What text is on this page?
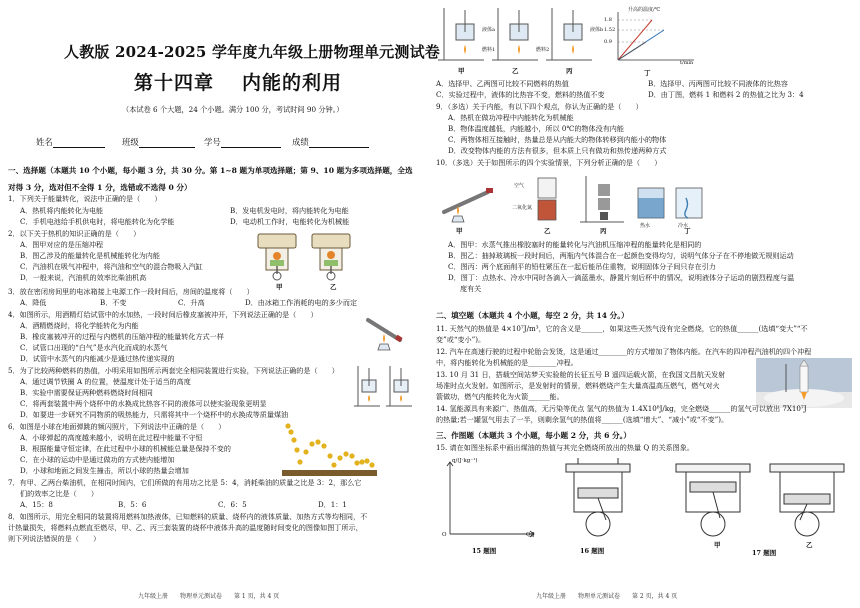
人教版 2024-2025 学年度九年级上册物理单元测试卷
第十四章 内能的利用
（本试卷 6 个大题，24 个小题。满分 100 分，考试时间 90 分钟。）
姓名	班级	学号	成绩
一、选择题（本题共 10 个小题，每小题 3 分，共 30 分。第 1~8 题为单项选择题；第 9、10 题为多项选择题，全选
对得 3 分，选对但不全得 1 分，选错或不选得 0 分）
1．下列关于能量转化，说法中正确的是（　　）
A．热机将内能转化为电能	B．发电机发电时，将内能转化为电能
C．手机电池给手机供电时，将电能转化为化学能	D．电动机工作时，电能转化为机械能
2．以下关于热机的知识正确的是（　　）
A．图甲对应的是压缩冲程
B．图乙涉及的能量转化是机械能转化为内能
C．汽油机在吸气冲程中，将汽油和空气的混合物吸入汽缸
D．一般来说，汽油机的效率比柴油机高
甲	乙
3．放在密闭房间里的电冰箱接上电源工作一段时间后，房间的温度将（　　）
A．降低	B．不变	C．升高	D．由冰箱工作消耗的电的多少而定
4．如图所示，用酒精灯给试管中的水加热，一段时间后橡皮塞被冲开，下列说法正确的是（　　）
A．酒精燃烧时，将化学能转化为内能
B．橡皮塞被冲开的过程与内燃机的压缩冲程的能量转化方式一样
C．试管口出现的“白气”是水汽化而成的水蒸气
D．试管中水蒸气的内能减少是通过热传递实现的
5．为了比较两种燃料的热值，小明采用如图所示两套完全相同装置进行实验，下列说法正确的是（　　）
A．通过调节铁圈 A 的位置，使温度计处于适当的高度
B．实验中需要保证两种燃料燃烧时间相同
C．将两套装置中两个烧杯中的水换成比热容不同的液体可以使实验现象更明显
D．如要进一步研究不同物质的吸热能力，只需将其中一个烧杯中的水换成等质量煤油
6．如图是小球在地面弹跳的频闪照片，下列说法中正确的是（　　）
A．小球弹起的高度越来越小，说明在此过程中能量不守恒
B．根据能量守恒定律，在此过程中小球的机械能总量是保持不变的
C．在小球的运动中是通过做功的方式使内能增加
D．小球和地面之间发生撞击，所以小球的热量会增加
7．有甲、乙两台柴油机，在相同时间内，它们所做的有用功之比是 5：4，消耗柴油的质量之比是 3：2，那么它
们的效率之比是（　　）
A．15：8	B．5：6	C．6：5	D．1：1
8．如图所示，用完全相同的装置将用燃料加热液体，已知燃料的质量、烧杯内的液体质量、加热方式等均相同，不
计热量损失，将燃料点燃直至燃尽，甲、乙、丙三套装置的烧杯中液体升高的温度随时间变化的图像如图丁所示，
则下列说法错误的是（　　）
九年级上册　　物理单元测试卷　　第 1 页，共 4 页
液体a
燃料1	燃料2
液体b
甲	乙	丙
升高的温度/℃
1.8
1.52
0.9
t/min
丁
A．选择甲、乙两图可比较不同燃料的热值	B．选择甲、丙两图可比较不同液体的比热容
C．实验过程中，液体的比热容不变，燃料的热值不变	D．由丁图，燃料 1 和燃料 2 的热值之比为 3：4
9．（多选）关于内能，有以下四个观点，你认为正确的是（　　）
A．热机在做功冲程中内能转化为机械能
B．物体温度越低，内能越小，所以 0℃的物体没有内能
C．两物体相互接触时，热量总是从内能大的物体转移到内能小的物体
D．改变物体内能的方法有很多，但本质上只有做功和热传递两种方式
10．（多选）关于如图所示的四个实验情景，下列分析正确的是（　　）
空气
二氧化氮
热水	冷水
甲	乙	丙	丁
A．图甲：水蒸气推出橡胶塞时的能量转化与汽油机压缩冲程的能量转化是相同的
B．图乙：抽掉玻璃板一段时间后，两瓶内气体混合在一起颜色变得均匀，说明气体分子在不停地做无规则运动
C．图丙：两个底面削平的铅柱紧压在一起后能吊住重物，说明固体分子间只存在引力
D．图丁：点热水、冷水中同时各滴入一滴蓝墨水，静置片刻后杯中的情况，说明液体分子运动的剧烈程度与温
度有关
二、填空题（本题共 4 个小题，每空 2 分，共 14 分。）
11. 天然气的热值是 4×10⁷J/m³，它的含义是______，如果这些天然气没有完全燃烧，它的热值______(选填“变大”“不
变”或“变小”)。
12. 汽车在高速行驶的过程中轮胎会发烫，这是通过________的方式增加了物体内能。在汽车的四冲程汽油机的四个冲程
中，将内能转化为机械能的是________冲程。
13. 10 月 31 日，搭载空间站梦天实验舱的长征五号 B 遥四运载火箭，在我国文昌航天发射
场准时点火发射。如图所示，是发射时的情景，燃料燃烧产生大量高温高压燃气，燃气对火
箭做功，燃气内能转化为火箭______能。
14. 氢能源具有来源广、热值高，无污染等优点 氢气的热值为 1.4X10⁸J/kg，完全燃烧______的氢气可以放出 7X10⁷J
的热量;若一罐氢气用去了一半，则剩余氢气的热值将______(选填“增大”、“减小”或“不变”)。
三、作图题（本题共 3 个小题，每小题 2 分，共 6 分。）
15. 请在如图坐标系中画出煤油的热值与其完全燃烧所放出的热量 Q 的关系图象。
q/(J·kg⁻¹)
O	Q/J
15 题图	16 题图
甲	乙
17 题图
九年级上册　　物理单元测试卷　　第 2 页，共 4 页
